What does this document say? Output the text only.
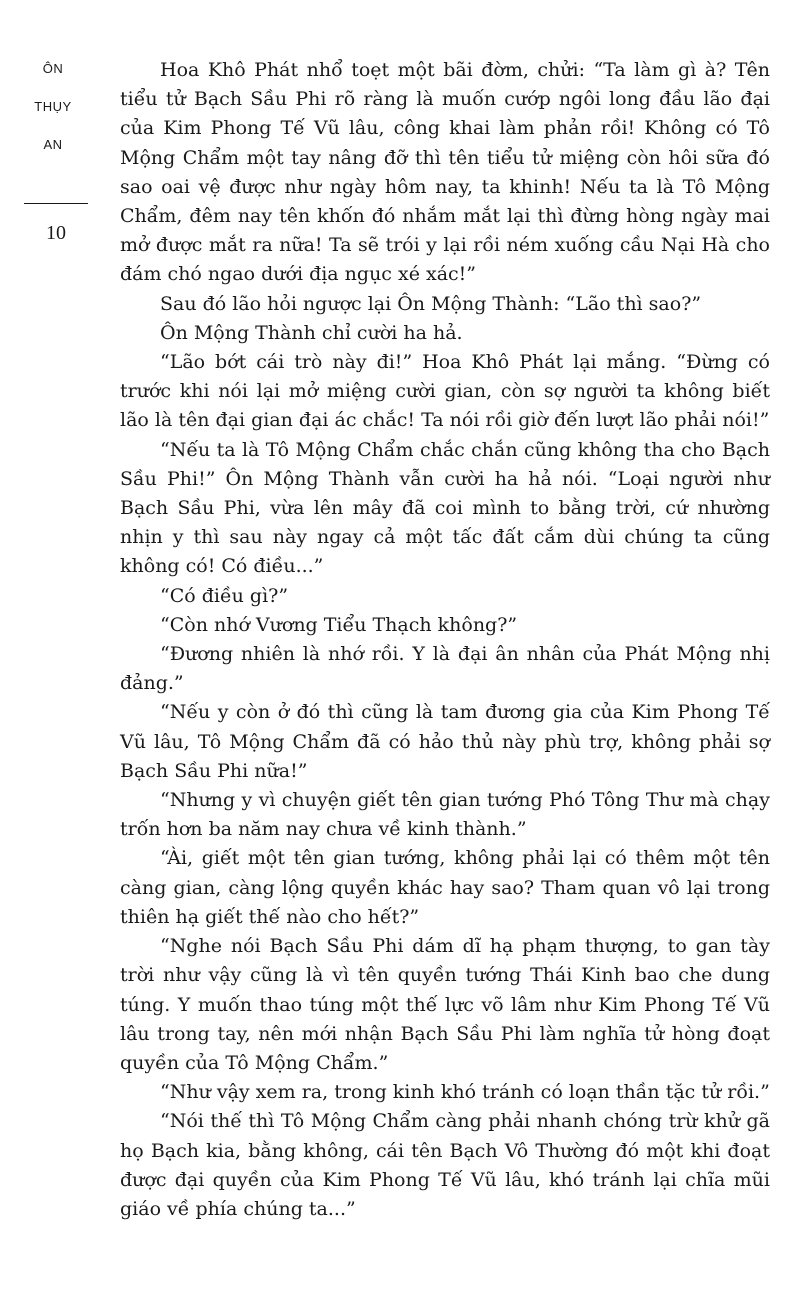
ÔN
THỤY
AN
10

Hoa Khô Phát nhổ toẹt một bãi đờm, chửi: “Ta làm gì à? Tên tiểu tử Bạch Sầu Phi rõ ràng là muốn cướp ngôi long đầu lão đại của Kim Phong Tế Vũ lâu, công khai làm phản rồi! Không có Tô Mộng Chẩm một tay nâng đỡ thì tên tiểu tử miệng còn hôi sữa đó sao oai vệ được như ngày hôm nay, ta khinh! Nếu ta là Tô Mộng Chẩm, đêm nay tên khốn đó nhắm mắt lại thì đừng hòng ngày mai mở được mắt ra nữa! Ta sẽ trói y lại rồi ném xuống cầu Nại Hà cho đám chó ngao dưới địa ngục xé xác!”

Sau đó lão hỏi ngược lại Ôn Mộng Thành: “Lão thì sao?”

Ôn Mộng Thành chỉ cười ha hả.

“Lão bớt cái trò này đi!” Hoa Khô Phát lại mắng. “Đừng có trước khi nói lại mở miệng cười gian, còn sợ người ta không biết lão là tên đại gian đại ác chắc! Ta nói rồi giờ đến lượt lão phải nói!”

“Nếu ta là Tô Mộng Chẩm chắc chắn cũng không tha cho Bạch Sầu Phi!” Ôn Mộng Thành vẫn cười ha hả nói. “Loại người như Bạch Sầu Phi, vừa lên mây đã coi mình to bằng trời, cứ nhường nhịn y thì sau này ngay cả một tấc đất cắm dùi chúng ta cũng không có! Có điều...”

“Có điều gì?”

“Còn nhớ Vương Tiểu Thạch không?”

“Đương nhiên là nhớ rồi. Y là đại ân nhân của Phát Mộng nhị đảng.”

“Nếu y còn ở đó thì cũng là tam đương gia của Kim Phong Tế Vũ lâu, Tô Mộng Chẩm đã có hảo thủ này phù trợ, không phải sợ Bạch Sầu Phi nữa!”

“Nhưng y vì chuyện giết tên gian tướng Phó Tông Thư mà chạy trốn hơn ba năm nay chưa về kinh thành.”

“Ài, giết một tên gian tướng, không phải lại có thêm một tên càng gian, càng lộng quyền khác hay sao? Tham quan vô lại trong thiên hạ giết thế nào cho hết?”

“Nghe nói Bạch Sầu Phi dám dĩ hạ phạm thượng, to gan tày trời như vậy cũng là vì tên quyền tướng Thái Kinh bao che dung túng. Y muốn thao túng một thế lực võ lâm như Kim Phong Tế Vũ lâu trong tay, nên mới nhận Bạch Sầu Phi làm nghĩa tử hòng đoạt quyền của Tô Mộng Chẩm.”

“Như vậy xem ra, trong kinh khó tránh có loạn thần tặc tử rồi.”

“Nói thế thì Tô Mộng Chẩm càng phải nhanh chóng trừ khử gã họ Bạch kia, bằng không, cái tên Bạch Vô Thường đó một khi đoạt được đại quyền của Kim Phong Tế Vũ lâu, khó tránh lại chĩa mũi giáo về phía chúng ta...”
